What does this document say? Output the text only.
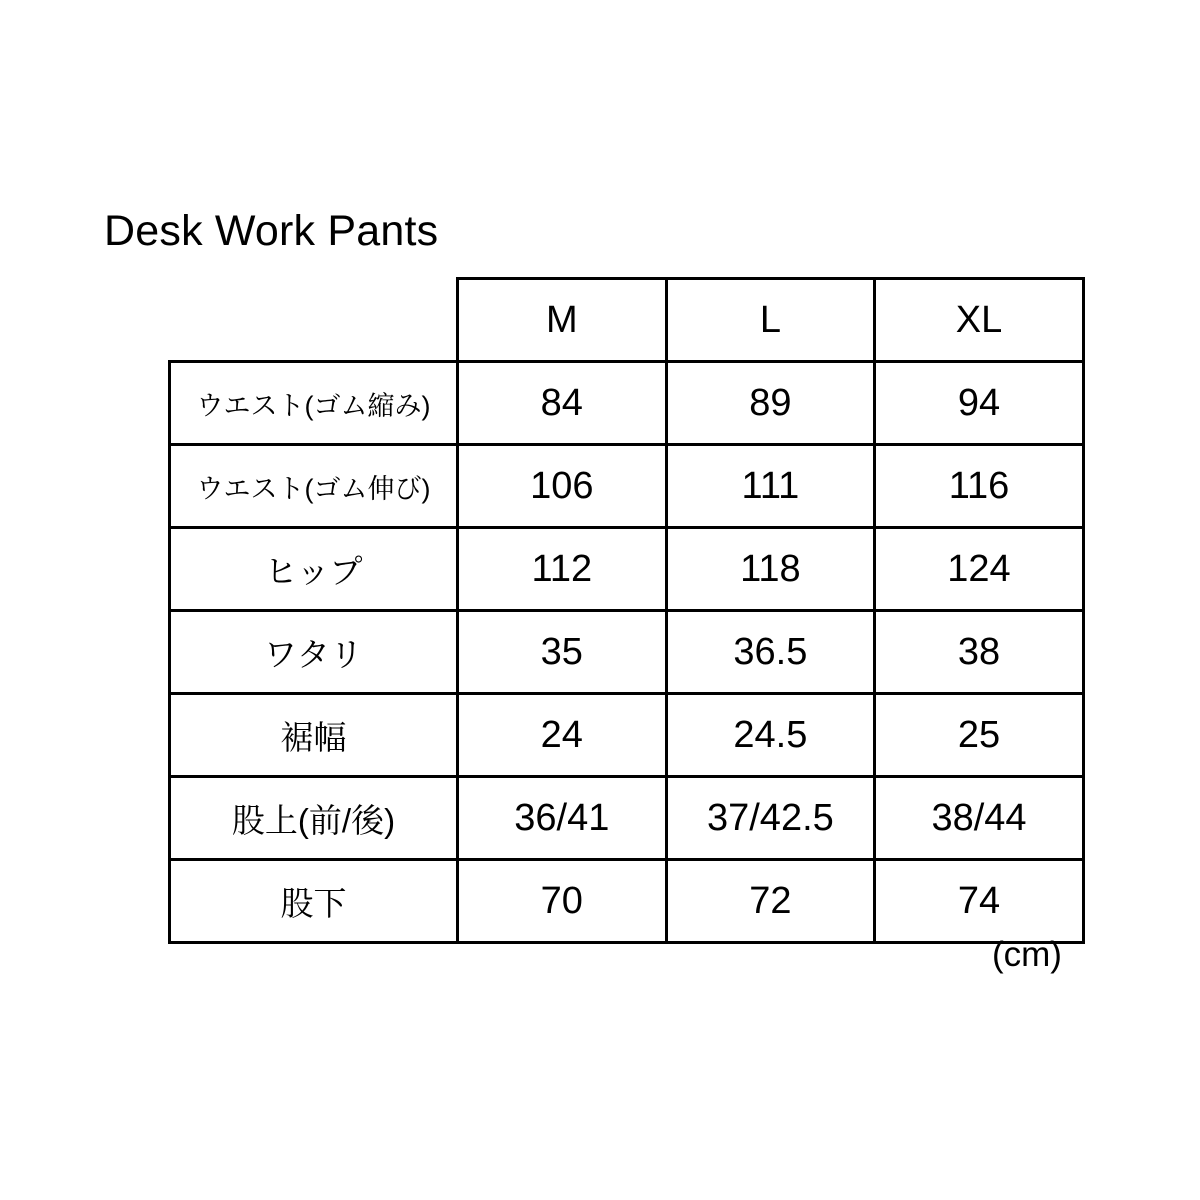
Desk Work Pants
	M	L	XL
ウエスト(ゴム縮み)	84	89	94
ウエスト(ゴム伸び)	106	111	116
ヒップ	112	118	124
ワタリ	35	36.5	38
裾幅	24	24.5	25
股上(前/後)	36/41	37/42.5	38/44
股下	70	72	74
(cm)
